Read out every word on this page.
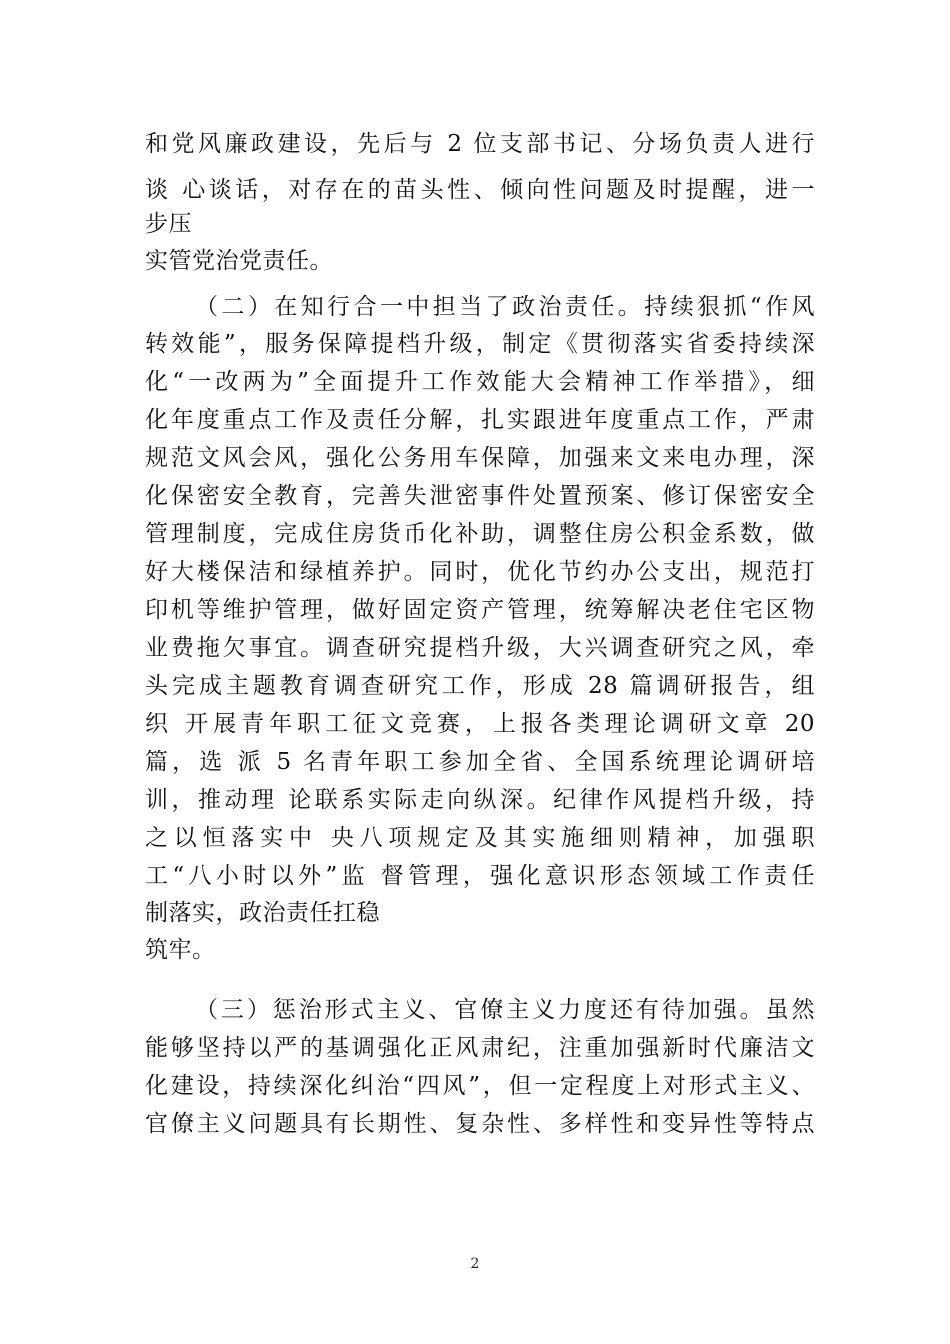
和党风廉政建设，先后与 2 位支部书记、分场负责人进行
谈 心谈话，对存在的苗头性、倾向性问题及时提醒，进一
步压
实管党治党责任。
（二）在知行合一中担当了政治责任。持续狠抓“作风
转效能”，服务保障提档升级，制定《贯彻落实省委持续深
化“一改两为”全面提升工作效能大会精神工作举措》，细
化年度重点工作及责任分解，扎实跟进年度重点工作，严肃
规范文风会风，强化公务用车保障，加强来文来电办理，深
化保密安全教育，完善失泄密事件处置预案、修订保密安全
管理制度，完成住房货币化补助，调整住房公积金系数，做
好大楼保洁和绿植养护。同时，优化节约办公支出，规范打
印机等维护管理，做好固定资产管理，统筹解决老住宅区物
业费拖欠事宜。调查研究提档升级，大兴调查研究之风，牵
头完成主题教育调查研究工作，形成 28 篇调研报告，组
织 开展青年职工征文竞赛，上报各类理论调研文章 20
篇，选 派 5 名青年职工参加全省、全国系统理论调研培
训，推动理 论联系实际走向纵深。纪律作风提档升级，持
之以恒落实中 央八项规定及其实施细则精神，加强职
工“八小时以外”监 督管理，强化意识形态领域工作责任
制落实，政治责任扛稳
筑牢。
（三）惩治形式主义、官僚主义力度还有待加强。虽然
能够坚持以严的基调强化正风肃纪，注重加强新时代廉洁文
化建设，持续深化纠治“四风”，但一定程度上对形式主义、
官僚主义问题具有长期性、复杂性、多样性和变异性等特点
2
